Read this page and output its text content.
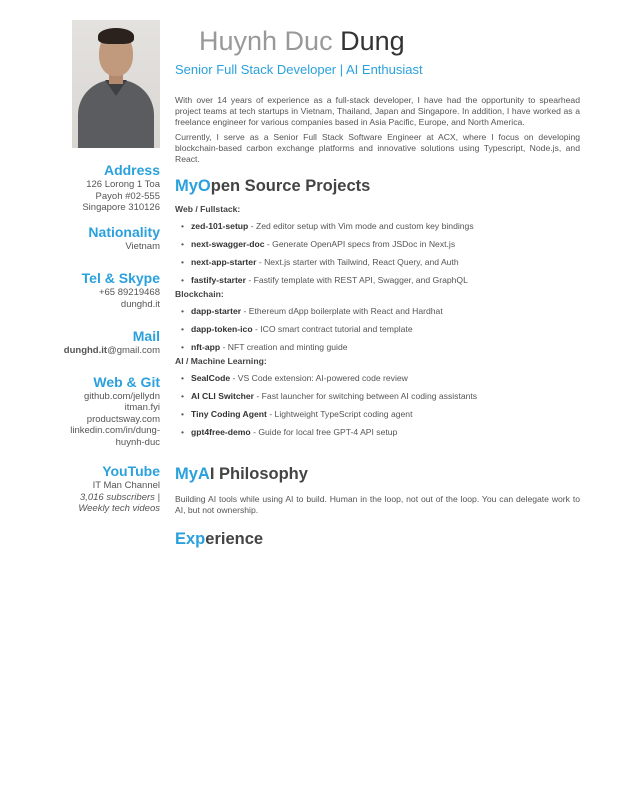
Address
126 Lorong 1 Toa
Payoh #02-555
Singapore 310126
Nationality
Vietnam
Tel & Skype
+65 89219468
dunghd.it
Mail
dunghd.it@gmail.com
Web & Git
github.com/jellydn
itman.fyi
productsway.com
linkedin.com/in/dung-
huynh-duc
YouTube
IT Man Channel
3,016 subscribers |
Weekly tech videos
Huynh Duc Dung
Senior Full Stack Developer | AI Enthusiast

With over 14 years of experience as a full-stack developer, I have had the opportunity to spearhead project teams at tech startups in Vietnam, Thailand, Japan and Singapore. In addition, I have worked as a freelance engineer for various companies based in Asia Pacific, Europe, and North America.

Currently, I serve as a Senior Full Stack Software Engineer at ACX, where I focus on developing blockchain-based carbon exchange platforms and innovative solutions using Typescript, Node.js, and React.

MyOpen Source Projects
Web / Fullstack:
• zed-101-setup - Zed editor setup with Vim mode and custom key bindings
• next-swagger-doc - Generate OpenAPI specs from JSDoc in Next.js
• next-app-starter - Next.js starter with Tailwind, React Query, and Auth
• fastify-starter - Fastify template with REST API, Swagger, and GraphQL
Blockchain:
• dapp-starter - Ethereum dApp boilerplate with React and Hardhat
• dapp-token-ico - ICO smart contract tutorial and template
• nft-app - NFT creation and minting guide
AI / Machine Learning:
• SealCode - VS Code extension: AI-powered code review
• AI CLI Switcher - Fast launcher for switching between AI coding assistants
• Tiny Coding Agent - Lightweight TypeScript coding agent
• gpt4free-demo - Guide for local free GPT-4 API setup
MyAI Philosophy

Building AI tools while using AI to build. Human in the loop, not out of the loop. You can delegate work to AI, but not ownership.

Experience
